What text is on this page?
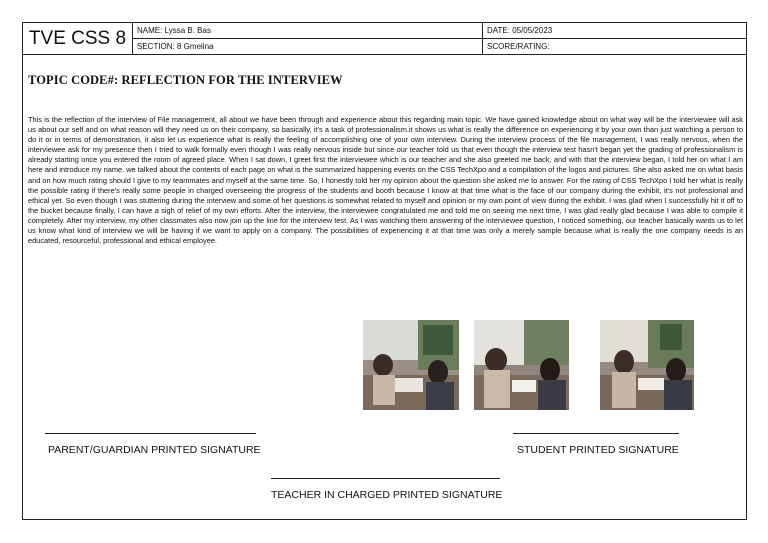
TVE CSS 8	NAME: Lyssa B. Bas
SECTION: 8 Gmelina
DATE: 05/05/2023
SCORE/RATING:
TOPIC CODE#: REFLECTION FOR THE INTERVIEW
This is the reflection of the interview of File management, all about we have been through and experience about this regarding main topic. We have gained knowledge about on what way will be the interviewee will ask us about our self and on what reason will they need us on their company, so basically, it's a task of professionalism.it shows us what is really the difference on experiencing it by your own than just watching a person to do it or in terms of demonstration, it also let us experience what is really the feeling of accomplishing one of your own interview. During the interview process of the file management, I was really nervous, when the interviewee ask for my presence then I tried to walk formally even though I was really nervous inside but since our teacher told us that even though the interview test hasn't began yet the grading of professionalism is already starting once you entered the room of agreed place. When I sat down, I greet first the interviewee which is our teacher and she also greeted me back, and with that the interview began, I told her on what I am here and introduce my name. we talked about the contents of each page on what is the summarized happening events on the CSS TechXpo and a compilation of the logos and pictures. She also asked me on what basis and on how much rating should I give to my teammates and myself at the same time. So, I honestly told her my opinion about the question she asked me to answer. For the rating of CSS TechXpo I told her what is really the possible rating if there's really some people in charged overseeing the progress of the students and booth because I know at that time what is the face of our company during the exhibit, it's not professional and ethical yet. So even though I was stuttering during the interview and some of her questions is somewhat related to myself and opinion or my own point of view during the exhibit. I was glad when I successfully hit it off to the bucket because finally, I can have a sigh of relief of my own efforts. After the interview, the interviewee congratulated me and told me on seeing me next time, I was glad really glad because I was able to compile it completely. After my interview, my other classmates also now join up the line for the interview test. As I was watching them answering of the interviewee question, I noticed something, our teacher basically wants us to let us know what kind of interview we will be having if we want to apply on a company. The possibilities of experiencing it at that time was only a merely sample because what is really the one company needs is an educated, resourceful, professional and ethical employee.
PARENT/GUARDIAN PRINTED SIGNATURE	STUDENT PRINTED SIGNATURE
TEACHER IN CHARGED PRINTED SIGNATURE
